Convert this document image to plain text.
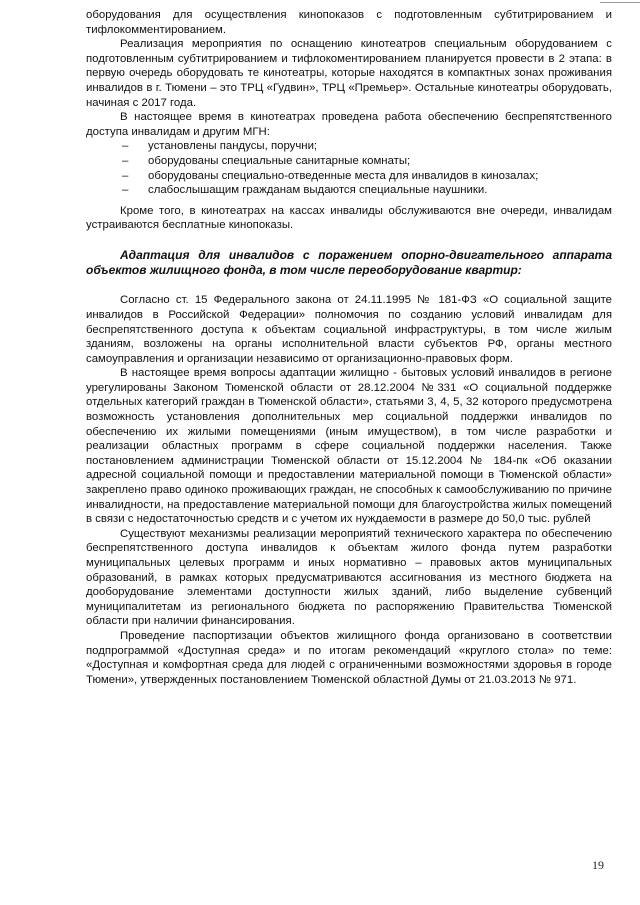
оборудования для осуществления кинопоказов с подготовленным субтитрированием и тифлокомментированием.

Реализация мероприятия по оснащению кинотеатров специальным оборудованием с подготовленным субтитрированием и тифлокоментированием планируется провести в 2 этапа: в первую очередь оборудовать те кинотеатры, которые находятся в компактных зонах проживания инвалидов в г. Тюмени – это ТРЦ «Гудвин», ТРЦ «Премьер». Остальные кинотеатры оборудовать, начиная с 2017 года.

В настоящее время в кинотеатрах проведена работа обеспечению беспрепятственного доступа инвалидам и другим МГН:

– установлены пандусы, поручни;
– оборудованы специальные санитарные комнаты;
– оборудованы специально-отведенные места для инвалидов в кинозалах;
– слабослышащим гражданам выдаются специальные наушники.

Кроме того, в кинотеатрах на кассах инвалиды обслуживаются вне очереди, инвалидам устраиваются бесплатные кинопоказы.

Адаптация для инвалидов с поражением опорно-двигательного аппарата объектов жилищного фонда, в том числе переоборудование квартир:

Согласно ст. 15 Федерального закона от 24.11.1995 № 181-ФЗ «О социальной защите инвалидов в Российской Федерации» полномочия по созданию условий инвалидам для беспрепятственного доступа к объектам социальной инфраструктуры, в том числе жилым зданиям, возложены на органы исполнительной власти субъектов РФ, органы местного самоуправления и организации независимо от организационно-правовых форм.

В настоящее время вопросы адаптации жилищно - бытовых условий инвалидов в регионе урегулированы Законом Тюменской области от 28.12.2004 №331 «О социальной поддержке отдельных категорий граждан в Тюменской области», статьями 3, 4, 5, 32 которого предусмотрена возможность установления дополнительных мер социальной поддержки инвалидов по обеспечению их жилыми помещениями (иным имуществом), в том числе разработки и реализации областных программ в сфере социальной поддержки населения. Также постановлением администрации Тюменской области от 15.12.2004 № 184-пк «Об оказании адресной социальной помощи и предоставлении материальной помощи в Тюменской области» закреплено право одиноко проживающих граждан, не способных к самообслуживанию по причине инвалидности, на предоставление материальной помощи для благоустройства жилых помещений в связи с недостаточностью средств и с учетом их нуждаемости в размере до 50,0 тыс. рублей

Существуют механизмы реализации мероприятий технического характера по обеспечению беспрепятственного доступа инвалидов к объектам жилого фонда путем разработки муниципальных целевых программ и иных нормативно – правовых актов муниципальных образований, в рамках которых предусматриваются ассигнования из местного бюджета на дооборудование элементами доступности жилых зданий, либо выделение субвенций муниципалитетам из регионального бюджета по распоряжению Правительства Тюменской области при наличии финансирования.

Проведение паспортизации объектов жилищного фонда организовано в соответствии подпрограммой «Доступная среда» и по итогам рекомендаций «круглого стола» по теме: «Доступная и комфортная среда для людей с ограниченными возможностями здоровья в городе Тюмени», утвержденных постановлением Тюменской областной Думы от 21.03.2013 № 971.

19
